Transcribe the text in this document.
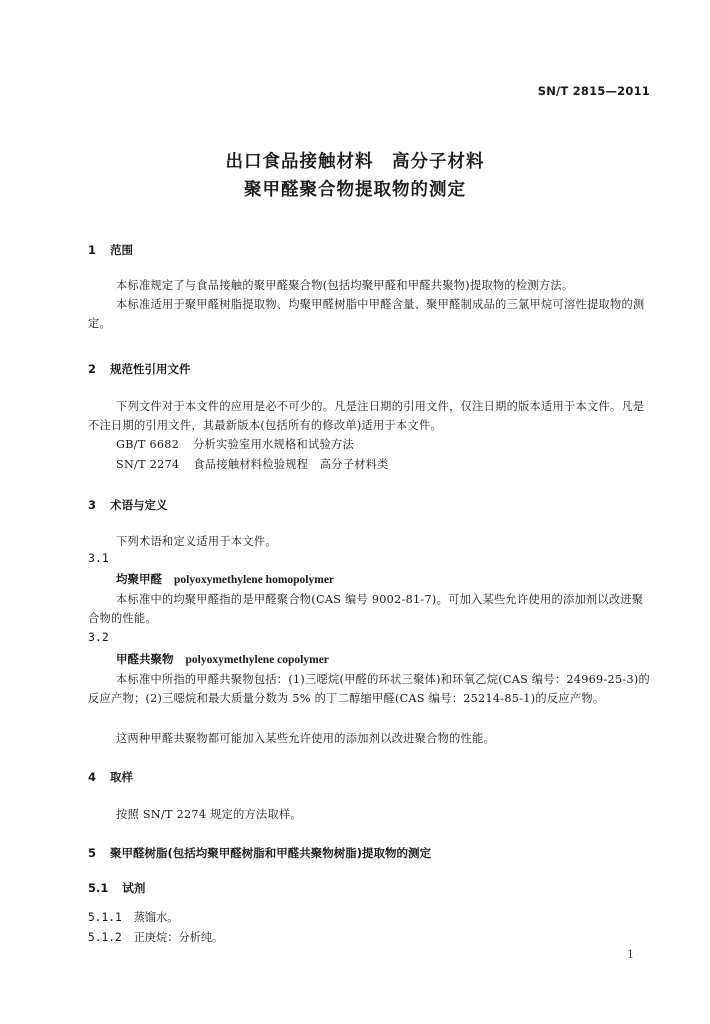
SN/T 2815—2011
出口食品接触材料　高分子材料
聚甲醛聚合物提取物的测定
1 范围
本标准规定了与食品接触的聚甲醛聚合物(包括均聚甲醛和甲醛共聚物)提取物的检测方法。
本标准适用于聚甲醛树脂提取物、均聚甲醛树脂中甲醛含量、聚甲醛制成品的三氯甲烷可溶性提取物的测定。
2 规范性引用文件
下列文件对于本文件的应用是必不可少的。凡是注日期的引用文件，仅注日期的版本适用于本文件。凡是不注日期的引用文件，其最新版本(包括所有的修改单)适用于本文件。
GB/T 6682 分析实验室用水规格和试验方法
SN/T 2274 食品接触材料检验规程　高分子材料类
3 术语与定义
下列术语和定义适用于本文件。
3.1
均聚甲醛 polyoxymethylene homopolymer
本标准中的均聚甲醛指的是甲醛聚合物(CAS 编号 9002-81-7)。可加入某些允许使用的添加剂以改进聚合物的性能。
3.2
甲醛共聚物 polyoxymethylene copolymer
本标准中所指的甲醛共聚物包括：(1)三噁烷(甲醛的环状三聚体)和环氧乙烷(CAS 编号：24969-25-3)的反应产物；(2)三噁烷和最大质量分数为 5% 的丁二醇缩甲醛(CAS 编号：25214-85-1)的反应产物。
这两种甲醛共聚物都可能加入某些允许使用的添加剂以改进聚合物的性能。
4 取样
按照 SN/T 2274 规定的方法取样。
5 聚甲醛树脂(包括均聚甲醛树脂和甲醛共聚物树脂)提取物的测定
5.1 试剂
5.1.1 蒸馏水。
5.1.2 正庚烷：分析纯。
1
